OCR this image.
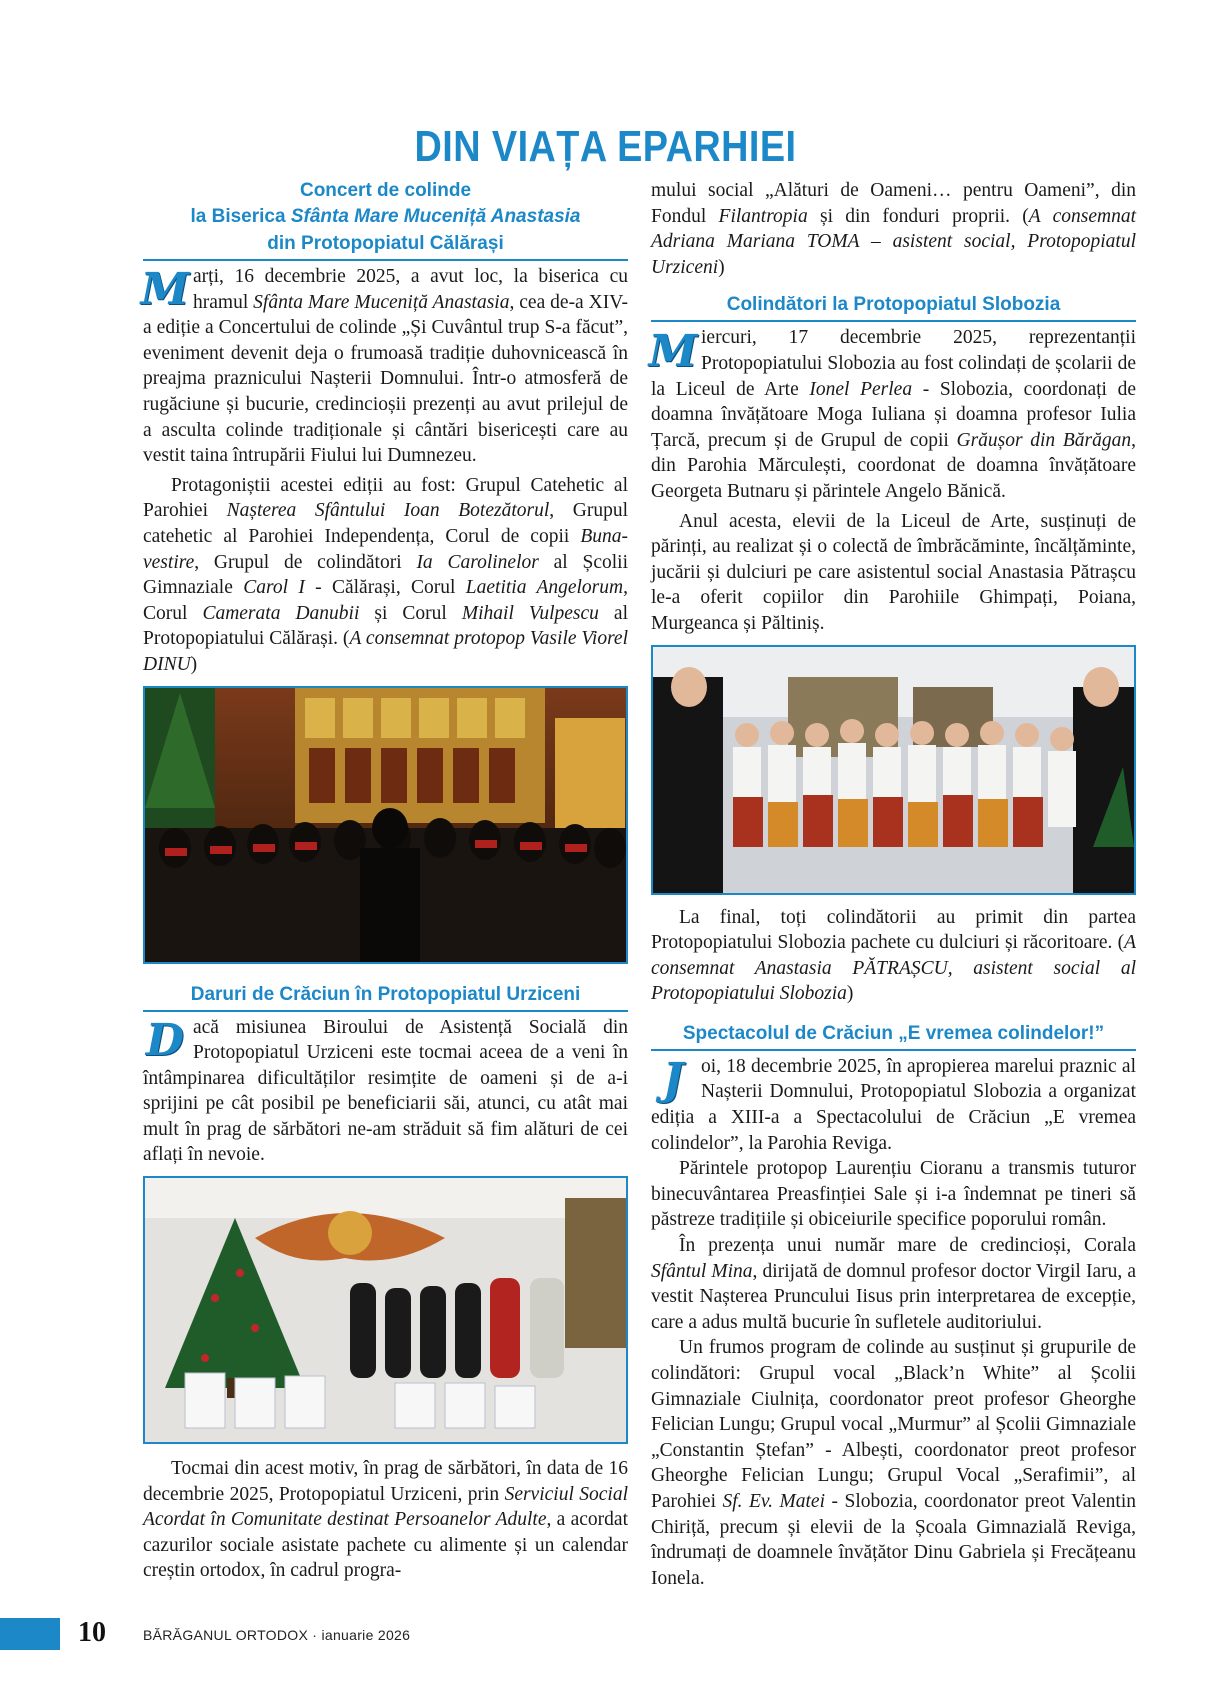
DIN VIAȚA EPARHIEI
Concert de colinde
la Biserica Sfânta Mare Muceniță Anastasia
din Protopopiatul Călărași

Marți, 16 decembrie 2025, a avut loc, la biserica cu hramul Sfânta Mare Muceniță Anastasia, cea de-a XIV-a ediție a Concertului de colinde „Și Cuvântul trup S-a făcut”, eveniment devenit deja o frumoasă tradiție duhovnicească în preajma praznicului Nașterii Domnului. Într-o atmosferă de rugăciune și bucurie, credincioșii prezenți au avut prilejul de a asculta colinde tradiționale și cântări bisericești care au vestit taina întrupării Fiului lui Dumnezeu.

Protagoniștii acestei ediții au fost: Grupul Catehetic al Parohiei Nașterea Sfântului Ioan Botezătorul, Grupul catehetic al Parohiei Independența, Corul de copii Buna-vestire, Grupul de colindători Ia Carolinelor al Școlii Gimnaziale Carol I - Călărași, Corul Laetitia Angelorum, Corul Camerata Danubii și Corul Mihail Vulpescu al Protopopiatului Călărași. (A consemnat protopop Vasile Viorel DINU)

Daruri de Crăciun în Protopopiatul Urziceni

Dacă misiunea Biroului de Asistență Socială din Protopopiatul Urziceni este tocmai aceea de a veni în întâmpinarea dificultăților resimțite de oameni și de a-i sprijini pe cât posibil pe beneficiarii săi, atunci, cu atât mai mult în prag de sărbători ne-am străduit să fim alături de cei aflați în nevoie.

Tocmai din acest motiv, în prag de sărbători, în data de 16 decembrie 2025, Protopopiatul Urziceni, prin Serviciul Social Acordat în Comunitate destinat Persoanelor Adulte, a acordat cazurilor sociale asistate pachete cu alimente și un calendar creștin ortodox, în cadrul progra-

mului social „Alături de Oameni… pentru Oameni”, din Fondul Filantropia și din fonduri proprii. (A consemnat Adriana Mariana TOMA – asistent social, Protopopiatul Urziceni)

Colindători la Protopopiatul Slobozia

Miercuri, 17 decembrie 2025, reprezentanții Protopopiatului Slobozia au fost colindați de școlarii de la Liceul de Arte Ionel Perlea - Slobozia, coordonați de doamna învățătoare Moga Iuliana și doamna profesor Iulia Țarcă, precum și de Grupul de copii Grăușor din Bărăgan, din Parohia Mărculești, coordonat de doamna învățătoare Georgeta Butnaru și părintele Angelo Bănică.

Anul acesta, elevii de la Liceul de Arte, susținuți de părinți, au realizat și o colectă de îmbrăcăminte, încălțăminte, jucării și dulciuri pe care asistentul social Anastasia Pătrașcu le-a oferit copiilor din Parohiile Ghimpați, Poiana, Murgeanca și Păltiniș.

La final, toți colindătorii au primit din partea Protopopiatului Slobozia pachete cu dulciuri și răcoritoare. (A consemnat Anastasia PĂTRAȘCU, asistent social al Protopopiatului Slobozia)

Spectacolul de Crăciun „E vremea colindelor!”

Joi, 18 decembrie 2025, în apropierea marelui praznic al Nașterii Domnului, Protopopiatul Slobozia a organizat ediția a XIII-a a Spectacolului de Crăciun „E vremea colindelor”, la Parohia Reviga.

Părintele protopop Laurențiu Cioranu a transmis tuturor binecuvântarea Preasfinției Sale și i-a îndemnat pe tineri să păstreze tradițiile și obiceiurile specifice poporului român.

În prezența unui număr mare de credincioși, Corala Sfântul Mina, dirijată de domnul profesor doctor Virgil Iaru, a vestit Nașterea Pruncului Iisus prin interpretarea de excepție, care a adus multă bucurie în sufletele auditoriului.

Un frumos program de colinde au susținut și grupurile de colindători: Grupul vocal „Black’n White” al Școlii Gimnaziale Ciulnița, coordonator preot profesor Gheorghe Felician Lungu; Grupul vocal „Murmur” al Școlii Gimnaziale „Constantin Ștefan” - Albești, coordonator preot profesor Gheorghe Felician Lungu; Grupul Vocal „Serafimii”, al Parohiei Sf. Ev. Matei - Slobozia, coordonator preot Valentin Chiriță, precum și elevii de la Școala Gimnazială Reviga, îndrumați de doamnele învățător Dinu Gabriela și Frecățeanu Ionela.

10	BĂRĂGANUL ORTODOX · ianuarie 2026
